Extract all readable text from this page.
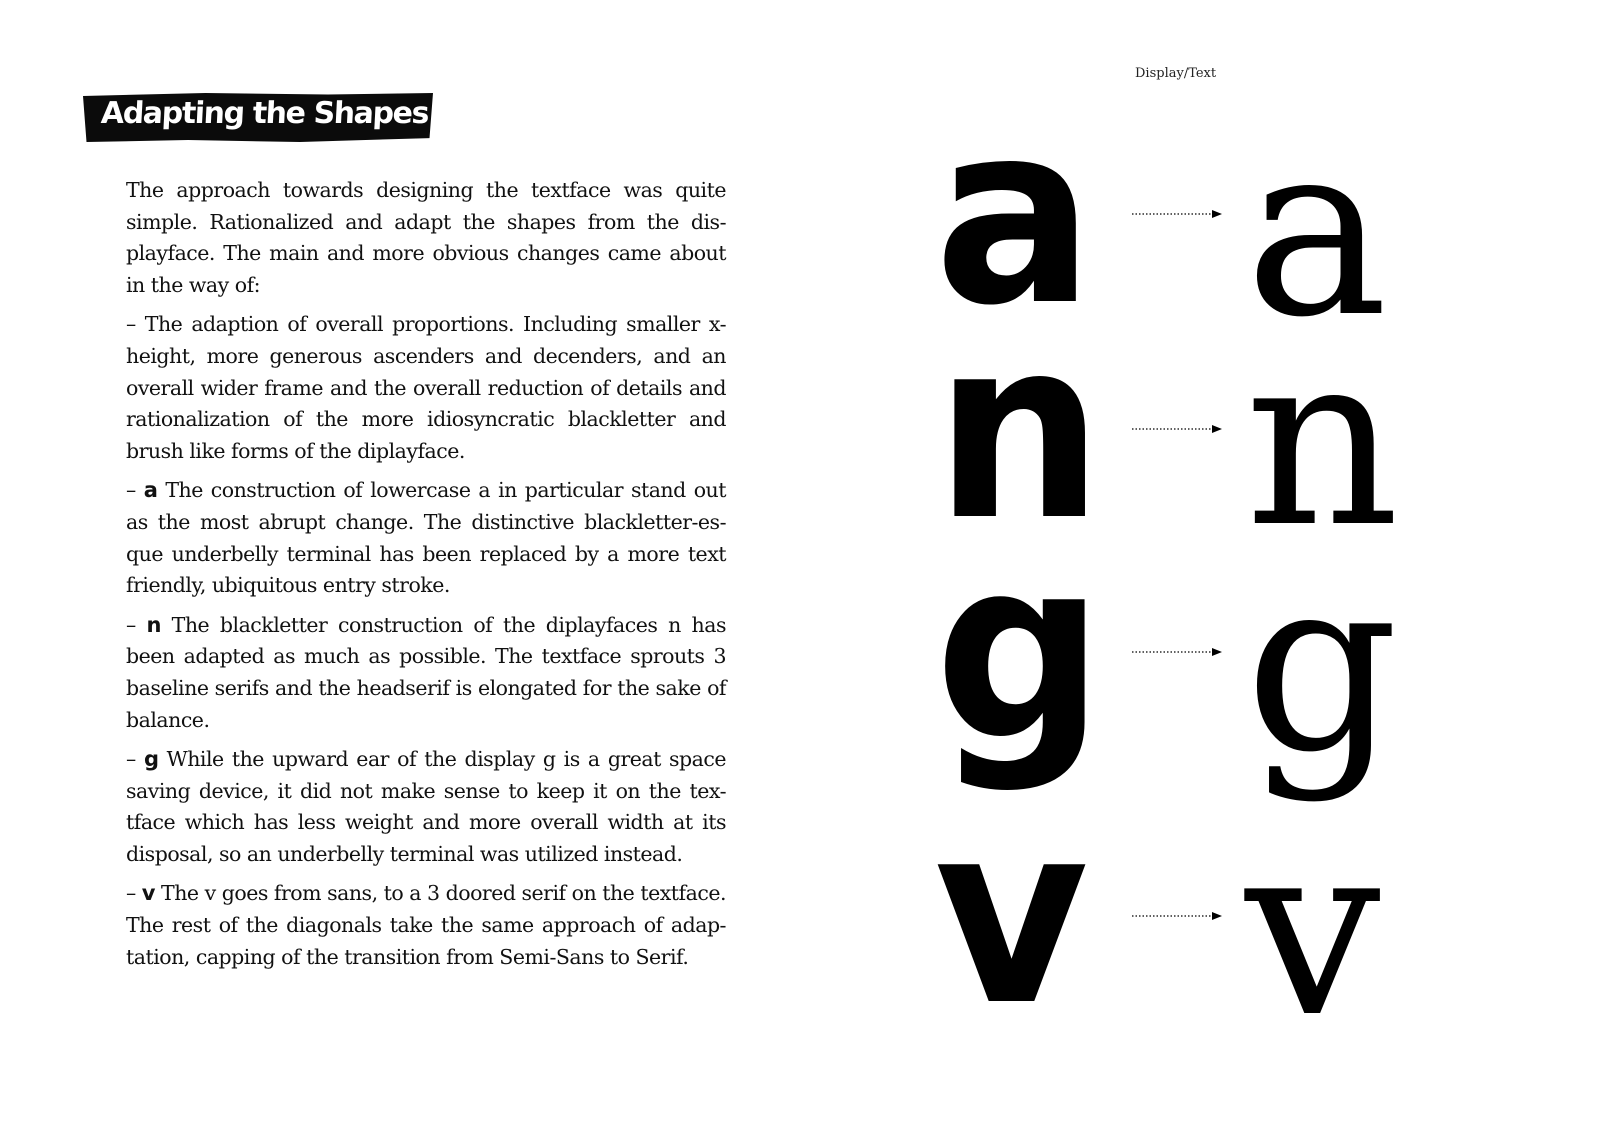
Adapting the Shapes
Display/Text

The approach towards designing the textface was quite simple. Rationalized and adapt the shapes from the dis-playface. The main and more obvious changes came about in the way of:

– The adaption of overall proportions. Including smaller x-height, more generous ascenders and decenders, and an overall wider frame and the overall reduction of details and rationalization of the more idiosyncratic blackletter and brush like forms of the diplayface.

– a The construction of lowercase a in particular stand out as the most abrupt change. The distinctive blackletter-es-que underbelly terminal has been replaced by a more text friendly, ubiquitous entry stroke.

– n The blackletter construction of the diplayfaces n has been adapted as much as possible. The textface sprouts 3 baseline serifs and the headserif is elongated for the sake of balance.

– g While the upward ear of the display g is a great space saving device, it did not make sense to keep it on the tex-tface which has less weight and more overall width at its disposal, so an underbelly terminal was utilized instead.

– v The v goes from sans, to a 3 doored serif on the textface. The rest of the diagonals take the same approach of adap-tation, capping of the transition from Semi-Sans to Serif.

a
n
g
v
a
n
g
v
